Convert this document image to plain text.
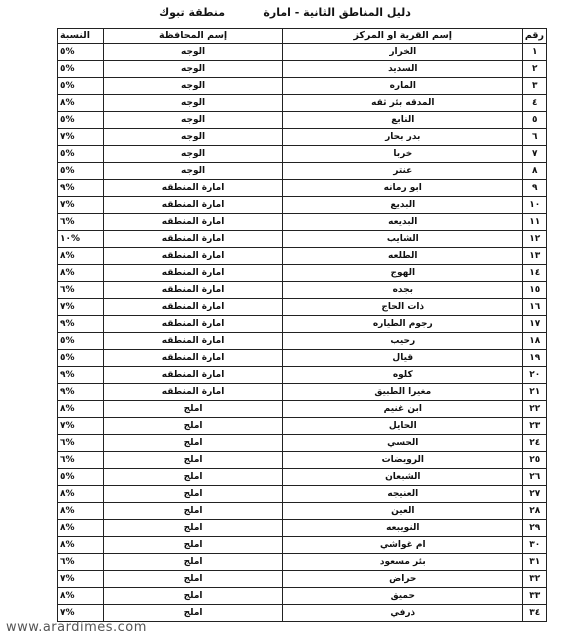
دليل المناطق الثانية - امارة          منطقة تبوك
رقم	إسم القرية او المركز	إسم المحافظة	النسبة
١	الخرار	الوجه	%٥
٢	السديد	الوجه	%٥
٣	الماره	الوجه	%٥
٤	المدقه بئر ثقه	الوجه	%٨
٥	النابع	الوجه	%٥
٦	بدر بحار	الوجه	%٧
٧	خربا	الوجه	%٥
٨	عنتر	الوجه	%٥
٩	ابو رمانه	امارة المنطقه	%٩
١٠	البديع	امارة المنطقه	%٧
١١	البديعه	امارة المنطقه	%٦
١٢	الشايب	امارة المنطقه	%١٠
١٣	الطلعه	امارة المنطقه	%٨
١٤	الهوج	امارة المنطقه	%٨
١٥	بجده	امارة المنطقه	%٦
١٦	ذات الحاج	امارة المنطقه	%٧
١٧	رجوم الطياره	امارة المنطقه	%٩
١٨	رحيب	امارة المنطقه	%٥
١٩	قيال	امارة المنطقه	%٥
٢٠	كلوه	امارة المنطقه	%٩
٢١	مغيرا الطبيق	امارة المنطقه	%٩
٢٢	ابن غنيم	املج	%٨
٢٣	الحايل	املج	%٧
٢٤	الحسي	املج	%٦
٢٥	الرويضات	املج	%٦
٢٦	الشبعان	املج	%٥
٢٧	العنيجه	املج	%٨
٢٨	العين	املج	%٨
٢٩	النويبعه	املج	%٨
٣٠	ام غواشي	املج	%٨
٣١	بئر مسعود	املج	%٦
٣٢	حراض	املج	%٧
٣٣	حميق	املج	%٨
٣٤	ذرفي	املج	%٧
www.arardimes.com
